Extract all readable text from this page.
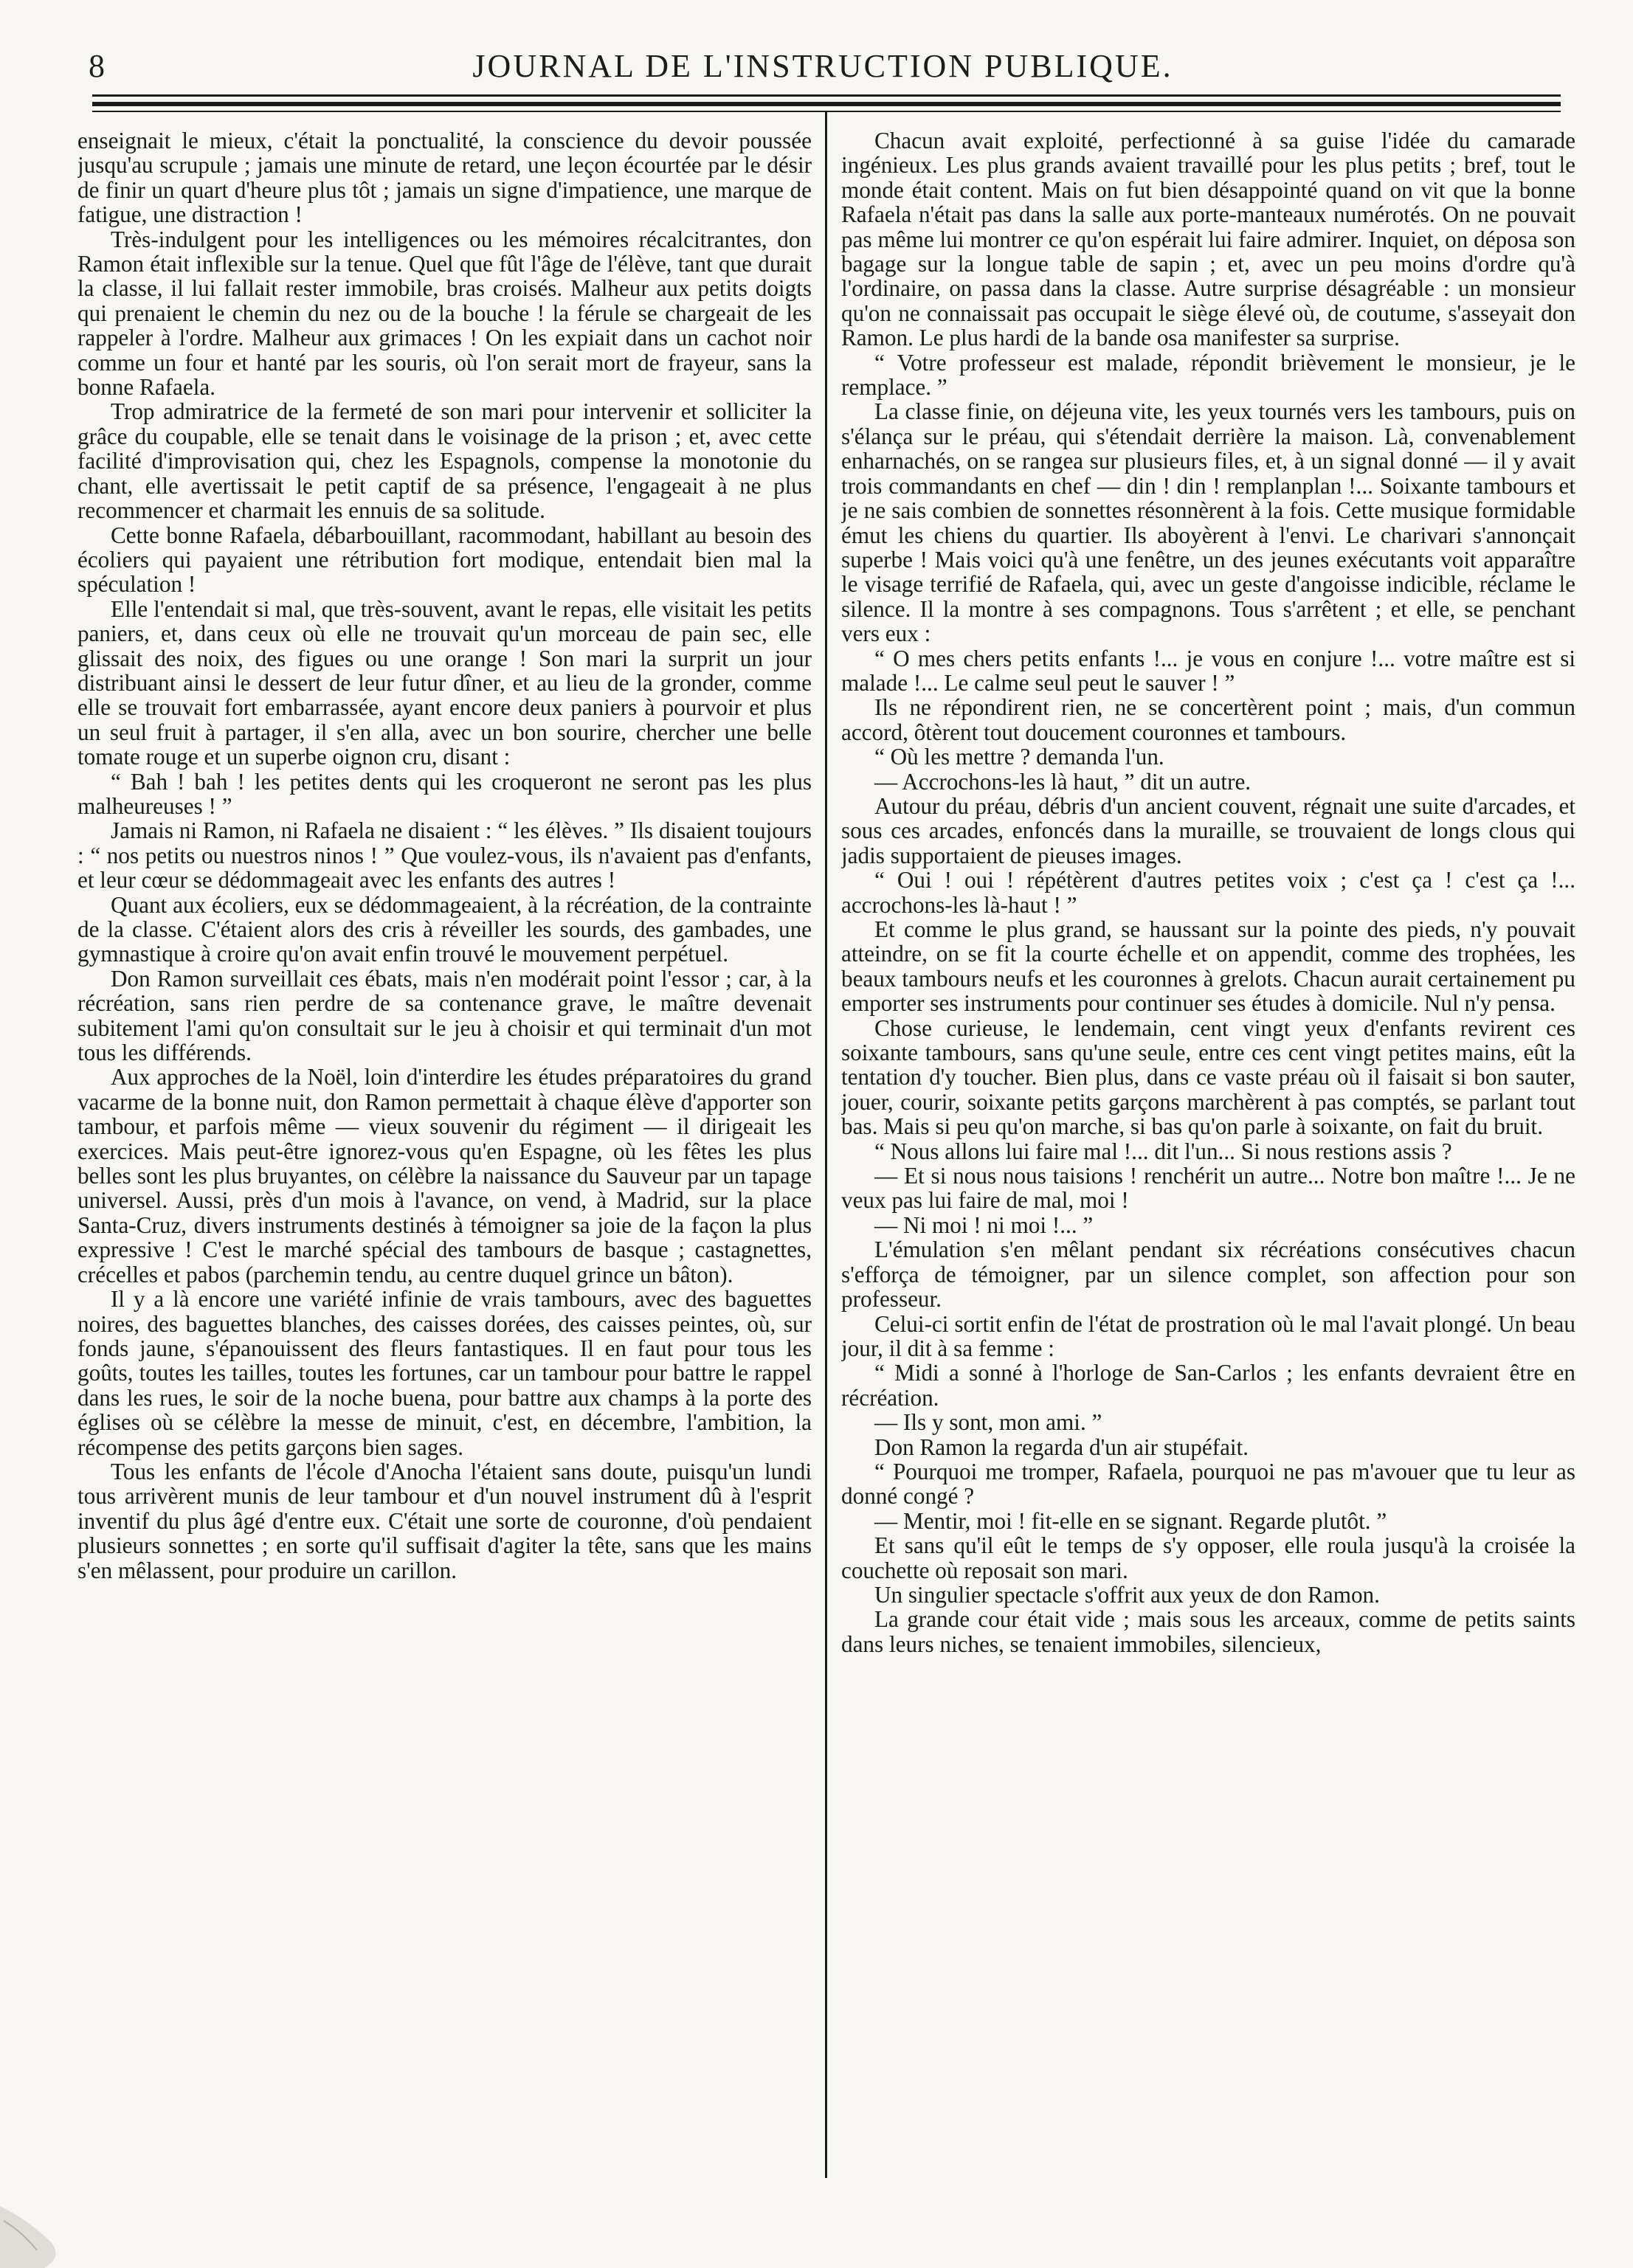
8	JOURNAL DE L'INSTRUCTION PUBLIQUE.

enseignait le mieux, c'était la ponctualité, la conscience du devoir poussée jusqu'au scrupule ; jamais une minute de retard, une leçon écourtée par le désir de finir un quart d'heure plus tôt ; jamais un signe d'impatience, une marque de fatigue, une distraction !

Très-indulgent pour les intelligences ou les mémoires récalcitrantes, don Ramon était inflexible sur la tenue. Quel que fût l'âge de l'élève, tant que durait la classe, il lui fallait rester immobile, bras croisés. Malheur aux petits doigts qui prenaient le chemin du nez ou de la bouche ! la férule se chargeait de les rappeler à l'ordre. Malheur aux grimaces ! On les expiait dans un cachot noir comme un four et hanté par les souris, où l'on serait mort de frayeur, sans la bonne Rafaela.

Trop admiratrice de la fermeté de son mari pour intervenir et solliciter la grâce du coupable, elle se tenait dans le voisinage de la prison ; et, avec cette facilité d'improvisation qui, chez les Espagnols, compense la monotonie du chant, elle avertissait le petit captif de sa présence, l'engageait à ne plus recommencer et charmait les ennuis de sa solitude.

Cette bonne Rafaela, débarbouillant, racommodant, habillant au besoin des écoliers qui payaient une rétribution fort modique, entendait bien mal la spéculation !

Elle l'entendait si mal, que très-souvent, avant le repas, elle visitait les petits paniers, et, dans ceux où elle ne trouvait qu'un morceau de pain sec, elle glissait des noix, des figues ou une orange ! Son mari la surprit un jour distribuant ainsi le dessert de leur futur dîner, et au lieu de la gronder, comme elle se trouvait fort embarrassée, ayant encore deux paniers à pourvoir et plus un seul fruit à partager, il s'en alla, avec un bon sourire, chercher une belle tomate rouge et un superbe oignon cru, disant :

“ Bah ! bah ! les petites dents qui les croqueront ne seront pas les plus malheureuses ! ”

Jamais ni Ramon, ni Rafaela ne disaient : “ les élèves. ” Ils disaient toujours : “ nos petits ou nuestros ninos ! ” Que voulez-vous, ils n'avaient pas d'enfants, et leur cœur se dédommageait avec les enfants des autres !

Quant aux écoliers, eux se dédommageaient, à la récréation, de la contrainte de la classe. C'étaient alors des cris à réveiller les sourds, des gambades, une gymnastique à croire qu'on avait enfin trouvé le mouvement perpétuel.

Don Ramon surveillait ces ébats, mais n'en modérait point l'essor ; car, à la récréation, sans rien perdre de sa contenance grave, le maître devenait subitement l'ami qu'on consultait sur le jeu à choisir et qui terminait d'un mot tous les différends.

Aux approches de la Noël, loin d'interdire les études préparatoires du grand vacarme de la bonne nuit, don Ramon permettait à chaque élève d'apporter son tambour, et parfois même — vieux souvenir du régiment — il dirigeait les exercices. Mais peut-être ignorez-vous qu'en Espagne, où les fêtes les plus belles sont les plus bruyantes, on célèbre la naissance du Sauveur par un tapage universel. Aussi, près d'un mois à l'avance, on vend, à Madrid, sur la place Santa-Cruz, divers instruments destinés à témoigner sa joie de la façon la plus expressive ! C'est le marché spécial des tambours de basque ; castagnettes, crécelles et pabos (parchemin tendu, au centre duquel grince un bâton).

Il y a là encore une variété infinie de vrais tambours, avec des baguettes noires, des baguettes blanches, des caisses dorées, des caisses peintes, où, sur fonds jaune, s'épanouissent des fleurs fantastiques. Il en faut pour tous les goûts, toutes les tailles, toutes les fortunes, car un tambour pour battre le rappel dans les rues, le soir de la noche buena, pour battre aux champs à la porte des églises où se célèbre la messe de minuit, c'est, en décembre, l'ambition, la récompense des petits garçons bien sages.

Tous les enfants de l'école d'Anocha l'étaient sans doute, puisqu'un lundi tous arrivèrent munis de leur tambour et d'un nouvel instrument dû à l'esprit inventif du plus âgé d'entre eux. C'était une sorte de couronne, d'où pendaient plusieurs sonnettes ; en sorte qu'il suffisait d'agiter la tête, sans que les mains s'en mêlassent, pour produire un carillon.

Chacun avait exploité, perfectionné à sa guise l'idée du camarade ingénieux. Les plus grands avaient travaillé pour les plus petits ; bref, tout le monde était content. Mais on fut bien désappointé quand on vit que la bonne Rafaela n'était pas dans la salle aux porte-manteaux numérotés. On ne pouvait pas même lui montrer ce qu'on espérait lui faire admirer. Inquiet, on déposa son bagage sur la longue table de sapin ; et, avec un peu moins d'ordre qu'à l'ordinaire, on passa dans la classe. Autre surprise désagréable : un monsieur qu'on ne connaissait pas occupait le siège élevé où, de coutume, s'asseyait don Ramon. Le plus hardi de la bande osa manifester sa surprise.

“ Votre professeur est malade, répondit brièvement le monsieur, je le remplace. ”

La classe finie, on déjeuna vite, les yeux tournés vers les tambours, puis on s'élança sur le préau, qui s'étendait derrière la maison. Là, convenablement enharnachés, on se rangea sur plusieurs files, et, à un signal donné — il y avait trois commandants en chef — din ! din ! remplanplan !... Soixante tambours et je ne sais combien de sonnettes résonnèrent à la fois. Cette musique formidable émut les chiens du quartier. Ils aboyèrent à l'envi. Le charivari s'annonçait superbe ! Mais voici qu'à une fenêtre, un des jeunes exécutants voit apparaître le visage terrifié de Rafaela, qui, avec un geste d'angoisse indicible, réclame le silence. Il la montre à ses compagnons. Tous s'arrêtent ; et elle, se penchant vers eux :

“ O mes chers petits enfants !... je vous en conjure !... votre maître est si malade !... Le calme seul peut le sauver ! ”

Ils ne répondirent rien, ne se concertèrent point ; mais, d'un commun accord, ôtèrent tout doucement couronnes et tambours.

“ Où les mettre ? demanda l'un.

— Accrochons-les là haut, ” dit un autre.

Autour du préau, débris d'un ancient couvent, régnait une suite d'arcades, et sous ces arcades, enfoncés dans la muraille, se trouvaient de longs clous qui jadis supportaient de pieuses images.

“ Oui ! oui ! répétèrent d'autres petites voix ; c'est ça ! c'est ça !... accrochons-les là-haut ! ”

Et comme le plus grand, se haussant sur la pointe des pieds, n'y pouvait atteindre, on se fit la courte échelle et on appendit, comme des trophées, les beaux tambours neufs et les couronnes à grelots. Chacun aurait certainement pu emporter ses instruments pour continuer ses études à domicile. Nul n'y pensa.

Chose curieuse, le lendemain, cent vingt yeux d'enfants revirent ces soixante tambours, sans qu'une seule, entre ces cent vingt petites mains, eût la tentation d'y toucher. Bien plus, dans ce vaste préau où il faisait si bon sauter, jouer, courir, soixante petits garçons marchèrent à pas comptés, se parlant tout bas. Mais si peu qu'on marche, si bas qu'on parle à soixante, on fait du bruit.

“ Nous allons lui faire mal !... dit l'un... Si nous restions assis ?

— Et si nous nous taisions ! renchérit un autre... Notre bon maître !... Je ne veux pas lui faire de mal, moi !

— Ni moi ! ni moi !... ”

L'émulation s'en mêlant pendant six récréations consécutives chacun s'efforça de témoigner, par un silence complet, son affection pour son professeur.

Celui-ci sortit enfin de l'état de prostration où le mal l'avait plongé. Un beau jour, il dit à sa femme :

“ Midi a sonné à l'horloge de San-Carlos ; les enfants devraient être en récréation.

— Ils y sont, mon ami. ”

Don Ramon la regarda d'un air stupéfait.

“ Pourquoi me tromper, Rafaela, pourquoi ne pas m'avouer que tu leur as donné congé ?

— Mentir, moi ! fit-elle en se signant. Regarde plutôt. ”

Et sans qu'il eût le temps de s'y opposer, elle roula jusqu'à la croisée la couchette où reposait son mari.

Un singulier spectacle s'offrit aux yeux de don Ramon.

La grande cour était vide ; mais sous les arceaux, comme de petits saints dans leurs niches, se tenaient immobiles, silencieux,
